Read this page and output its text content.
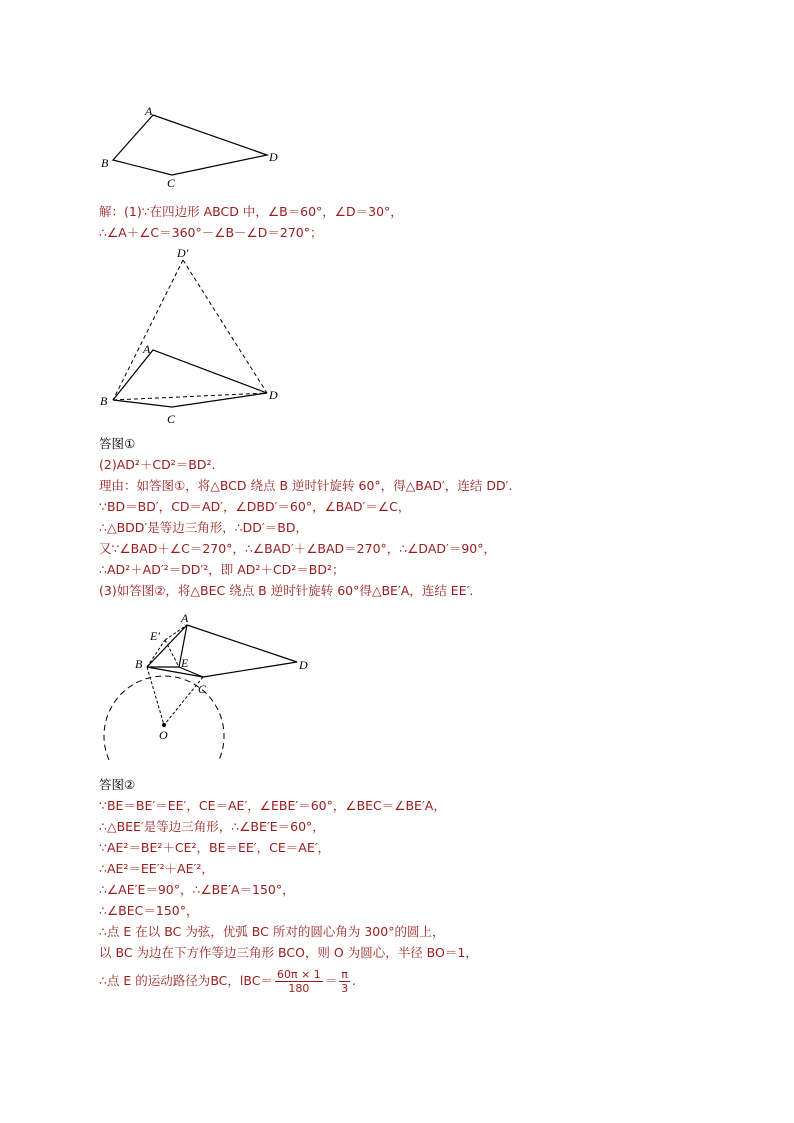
A
B
C
D
解：(1)∵在四边形 ABCD 中，∠B＝60°，∠D＝30°，
∴∠A＋∠C＝360°－∠B－∠D＝270°；
D′
A
B
C
D
答图①
(2)AD²＋CD²＝BD².
理由：如答图①，将△BCD 绕点 B 逆时针旋转 60°，得△BAD′，连结 DD′.
∵BD＝BD′，CD＝AD′，∠DBD′＝60°，∠BAD′＝∠C，
∴△BDD′是等边三角形，∴DD′＝BD，
又∵∠BAD＋∠C＝270°，∴∠BAD′＋∠BAD＝270°，∴∠DAD′＝90°，
∴AD²＋AD′²＝DD′²，即 AD²＋CD²＝BD²；
(3)如答图②，将△BEC 绕点 B 逆时针旋转 60°得△BE′A，连结 EE′.
E′
A
B	E
C
D
O
答图②
∵BE＝BE′＝EE′，CE＝AE′，∠EBE′＝60°，∠BEC＝∠BE′A，
∴△BEE′是等边三角形，∴∠BE′E＝60°，
∵AE²＝BE²＋CE²，BE＝EE′，CE＝AE′，
∴AE²＝EE′²＋AE′²，
∴∠AE′E＝90°，∴∠BE′A＝150°，
∴∠BEC＝150°，
∴点 E 在以 BC 为弦，优弧 BC 所对的圆心角为 300°的圆上，
以 BC 为边在下方作等边三角形 BCO，则 O 为圆心，半径 BO＝1，
∴点 E 的运动路径为BC，$lBC= \frac{60\pi \times 1}{180} = \frac{\pi}{3}$ .
